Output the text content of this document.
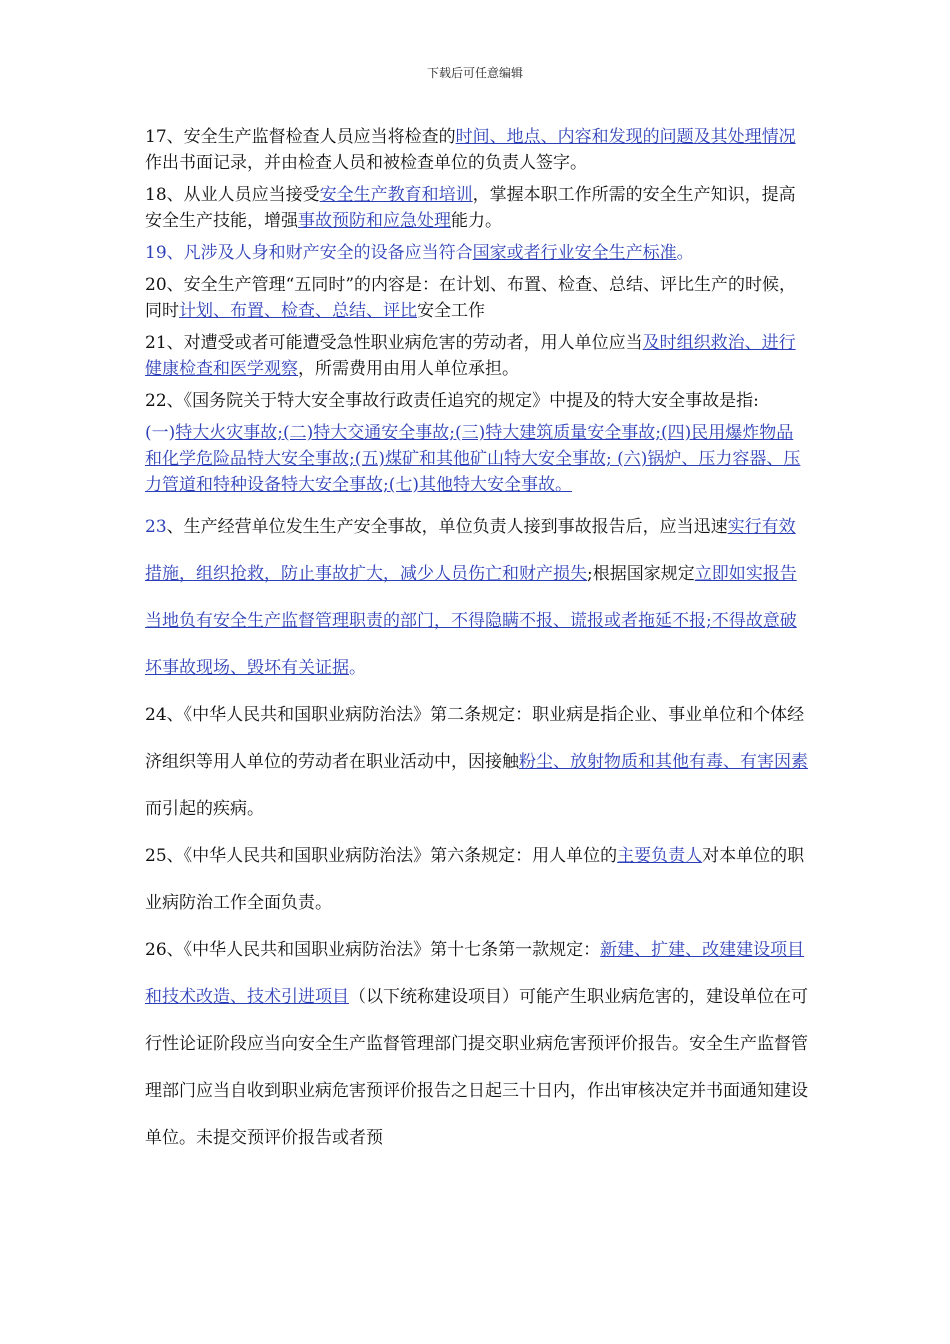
下载后可任意编辑

17、安全生产监督检查人员应当将检查的时间、地点、内容和发现的问题及其处理情况作出书面记录，并由检查人员和被检查单位的负责人签字。

18、从业人员应当接受安全生产教育和培训，掌握本职工作所需的安全生产知识，提高安全生产技能，增强事故预防和应急处理能力。

19、凡涉及人身和财产安全的设备应当符合国家或者行业安全生产标准。

20、安全生产管理“五同时”的内容是：在计划、布置、检查、总结、评比生产的时候，同时计划、布置、检查、总结、评比安全工作

21、对遭受或者可能遭受急性职业病危害的劳动者，用人单位应当及时组织救治、进行健康检查和医学观察，所需费用由用人单位承担。

22、《国务院关于特大安全事故行政责任追究的规定》中提及的特大安全事故是指:

(一)特大火灾事故;(二)特大交通安全事故;(三)特大建筑质量安全事故;(四)民用爆炸物品和化学危险品特大安全事故;(五)煤矿和其他矿山特大安全事故; (六)锅炉、压力容器、压力管道和特种设备特大安全事故;(七)其他特大安全事故。

23、生产经营单位发生生产安全事故，单位负责人接到事故报告后，应当迅速实行有效措施，组织抢救，防止事故扩大，减少人员伤亡和财产损失;根据国家规定立即如实报告当地负有安全生产监督管理职责的部门，不得隐瞒不报、谎报或者拖延不报;不得故意破坏事故现场、毁坏有关证据。

24、《中华人民共和国职业病防治法》第二条规定：职业病是指企业、事业单位和个体经济组织等用人单位的劳动者在职业活动中，因接触粉尘、放射物质和其他有毒、有害因素而引起的疾病。

25、《中华人民共和国职业病防治法》第六条规定：用人单位的主要负责人对本单位的职业病防治工作全面负责。

26、《中华人民共和国职业病防治法》第十七条第一款规定：新建、扩建、改建建设项目和技术改造、技术引进项目（以下统称建设项目）可能产生职业病危害的，建设单位在可行性论证阶段应当向安全生产监督管理部门提交职业病危害预评价报告。安全生产监督管理部门应当自收到职业病危害预评价报告之日起三十日内，作出审核决定并书面通知建设单位。未提交预评价报告或者预
